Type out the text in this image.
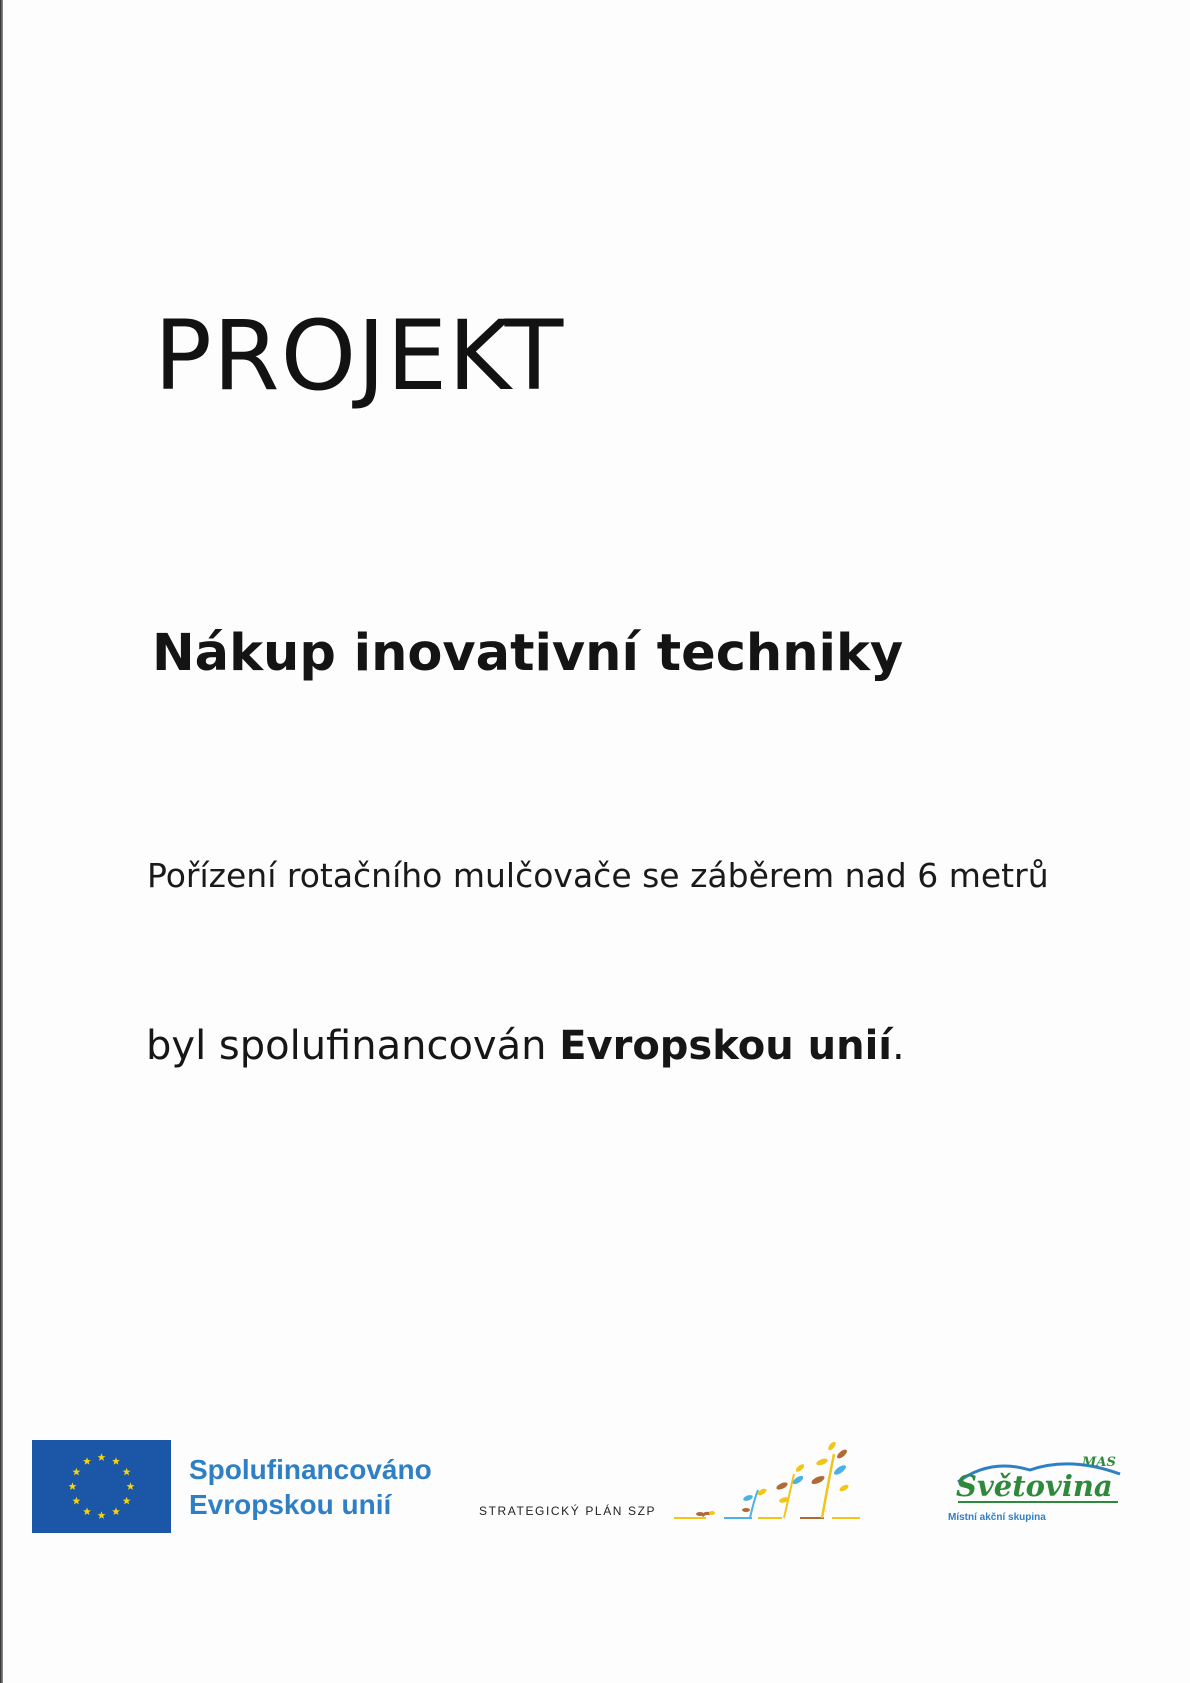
PROJEKT
Nákup inovativní techniky

Pořízení rotačního mulčovače se záběrem nad 6 metrů

byl spolufinancován Evropskou unií.

Spolufinancováno
Evropskou unií	STRATEGICKÝ PLÁN SZP
Světovina
MAS
Místní akční skupina
